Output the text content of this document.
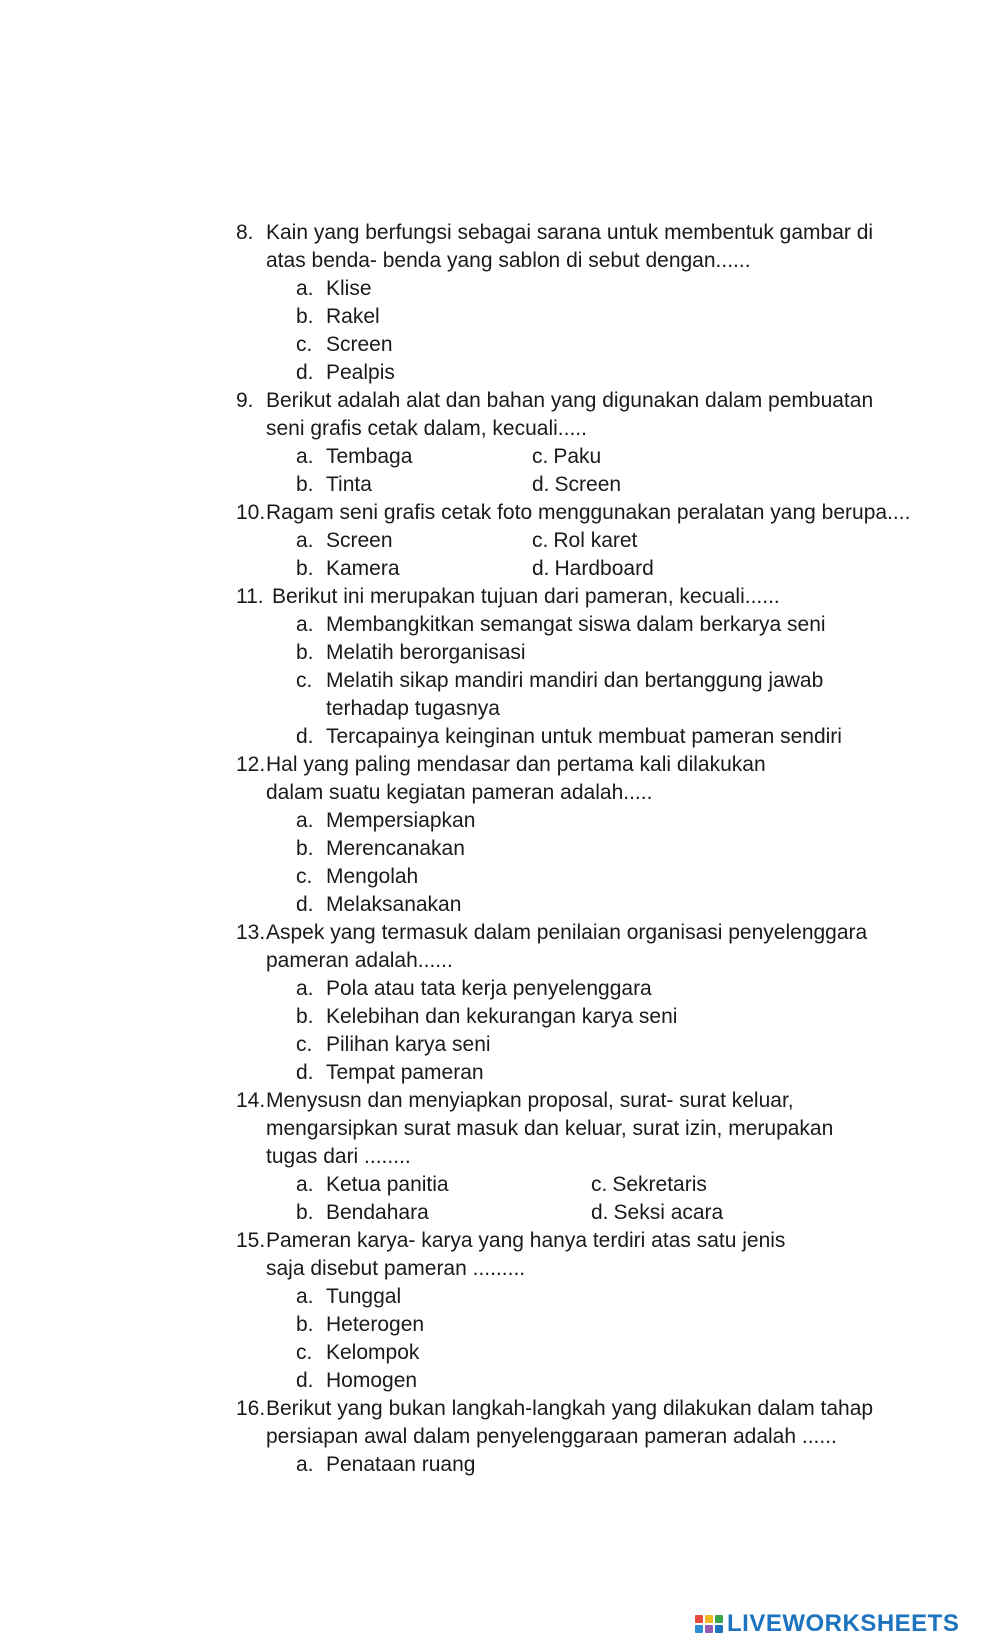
8. Kain yang berfungsi sebagai sarana untuk membentuk gambar di atas benda- benda yang sablon di sebut dengan......
a. Klise
b. Rakel
c. Screen
d. Pealpis
9. Berikut adalah alat dan bahan yang digunakan dalam pembuatan seni grafis cetak dalam, kecuali.....
a. Tembaga	c. Paku
b. Tinta	d. Screen
10. Ragam seni grafis cetak foto menggunakan peralatan yang berupa....
a. Screen	c. Rol karet
b. Kamera	d. Hardboard
11. Berikut ini merupakan tujuan dari pameran, kecuali......
a. Membangkitkan semangat siswa dalam berkarya seni
b. Melatih berorganisasi
c. Melatih sikap mandiri mandiri dan bertanggung jawab terhadap tugasnya
d. Tercapainya keinginan untuk membuat pameran sendiri
12. Hal yang paling mendasar dan pertama kali dilakukan dalam suatu kegiatan pameran adalah.....
a. Mempersiapkan
b. Merencanakan
c. Mengolah
d. Melaksanakan
13. Aspek yang termasuk dalam penilaian organisasi penyelenggara pameran adalah......
a. Pola atau tata kerja penyelenggara
b. Kelebihan dan kekurangan karya seni
c. Pilihan karya seni
d. Tempat pameran
14. Menysusn dan menyiapkan proposal, surat- surat keluar, mengarsipkan surat masuk dan keluar, surat izin, merupakan tugas dari ........
a. Ketua panitia	c. Sekretaris
b. Bendahara	d. Seksi acara
15. Pameran karya- karya yang hanya terdiri atas satu jenis saja disebut pameran .........
a. Tunggal
b. Heterogen
c. Kelompok
d. Homogen
16. Berikut yang bukan langkah-langkah yang dilakukan dalam tahap persiapan awal dalam penyelenggaraan pameran adalah ......
a. Penataan ruang
LIVEWORKSHEETS
